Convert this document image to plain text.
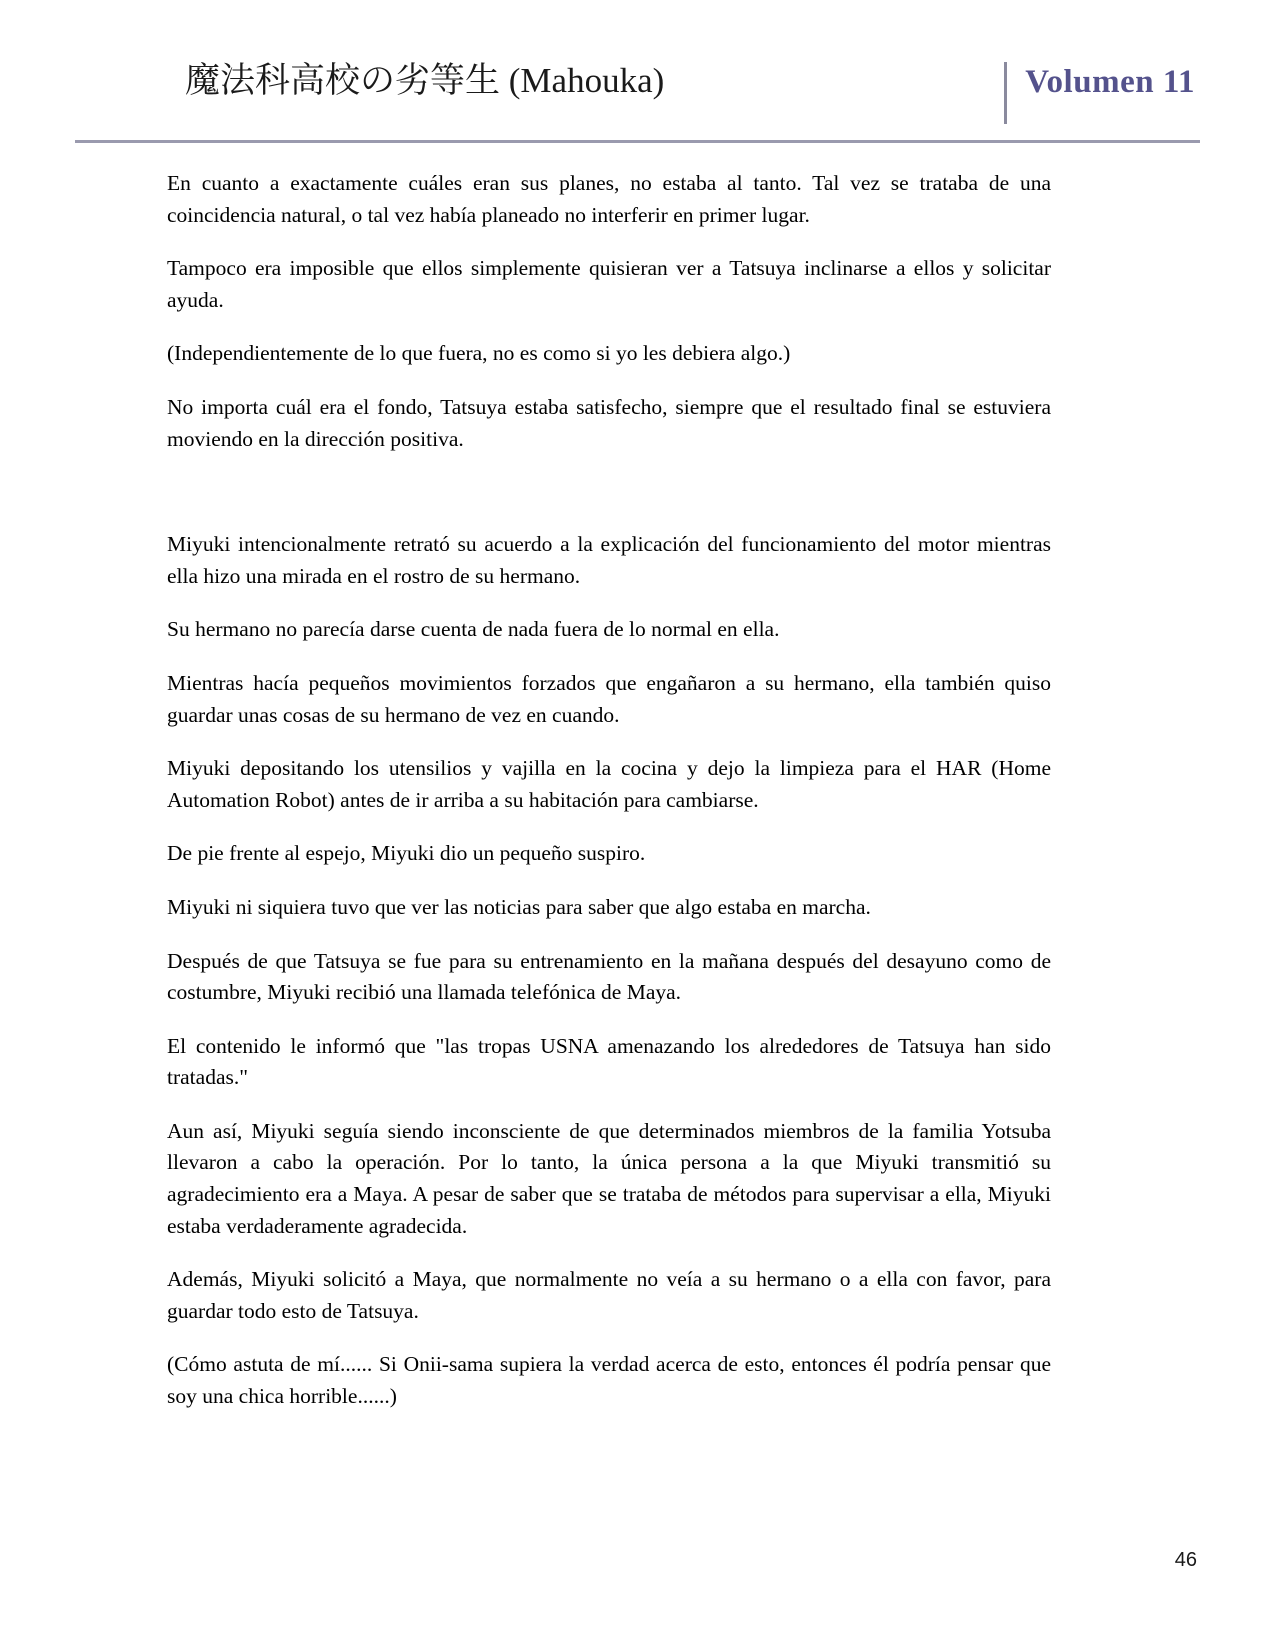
魔法科高校の劣等生 (Mahouka)	Volumen 11

En cuanto a exactamente cuáles eran sus planes, no estaba al tanto. Tal vez se trataba de una coincidencia natural, o tal vez había planeado no interferir en primer lugar.

Tampoco era imposible que ellos simplemente quisieran ver a Tatsuya inclinarse a ellos y solicitar ayuda.

(Independientemente de lo que fuera, no es como si yo les debiera algo.)

No importa cuál era el fondo, Tatsuya estaba satisfecho, siempre que el resultado final se estuviera moviendo en la dirección positiva.

Miyuki intencionalmente retrató su acuerdo a la explicación del funcionamiento del motor mientras ella hizo una mirada en el rostro de su hermano.

Su hermano no parecía darse cuenta de nada fuera de lo normal en ella.

Mientras hacía pequeños movimientos forzados que engañaron a su hermano, ella también quiso guardar unas cosas de su hermano de vez en cuando.

Miyuki depositando los utensilios y vajilla en la cocina y dejo la limpieza para el HAR (Home Automation Robot) antes de ir arriba a su habitación para cambiarse.

De pie frente al espejo, Miyuki dio un pequeño suspiro.

Miyuki ni siquiera tuvo que ver las noticias para saber que algo estaba en marcha.

Después de que Tatsuya se fue para su entrenamiento en la mañana después del desayuno como de costumbre, Miyuki recibió una llamada telefónica de Maya.

El contenido le informó que "las tropas USNA amenazando los alrededores de Tatsuya han sido tratadas."

Aun así, Miyuki seguía siendo inconsciente de que determinados miembros de la familia Yotsuba llevaron a cabo la operación. Por lo tanto, la única persona a la que Miyuki transmitió su agradecimiento era a Maya. A pesar de saber que se trataba de métodos para supervisar a ella, Miyuki estaba verdaderamente agradecida.

Además, Miyuki solicitó a Maya, que normalmente no veía a su hermano o a ella con favor, para guardar todo esto de Tatsuya.

(Cómo astuta de mí...... Si Onii-sama supiera la verdad acerca de esto, entonces él podría pensar que soy una chica horrible......)

46
